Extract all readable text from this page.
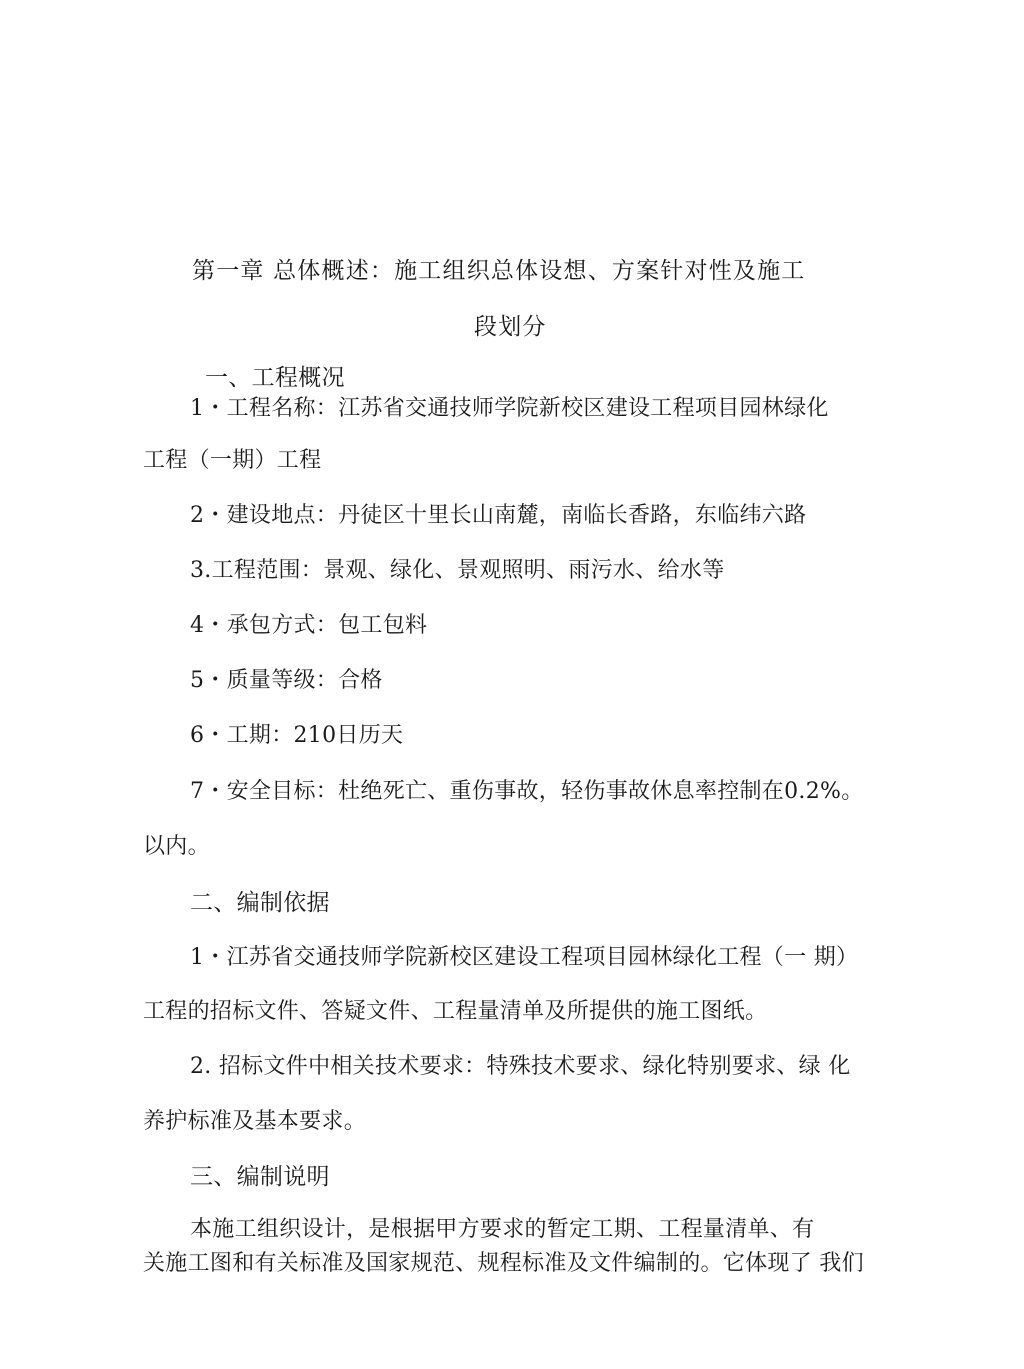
第一章 总体概述：施工组织总体设想、方案针对性及施工
段划分
一、工程概况
1・工程名称：江苏省交通技师学院新校区建设工程项目园林绿化
工程（一期）工程
2・建设地点：丹徒区十里长山南麓，南临长香路，东临纬六路
3.工程范围：景观、绿化、景观照明、雨污水、给水等
4・承包方式：包工包料
5・质量等级：合格
6・工期：210日历天
7・安全目标：杜绝死亡、重伤事故，轻伤事故休息率控制在0.2%。
以内。
二、编制依据
1・江苏省交通技师学院新校区建设工程项目园林绿化工程（一 期）
工程的招标文件、答疑文件、工程量清单及所提供的施工图纸。
2. 招标文件中相关技术要求：特殊技术要求、绿化特别要求、绿 化
养护标准及基本要求。
三、编制说明
本施工组织设计，是根据甲方要求的暂定工期、工程量清单、有
关施工图和有关标准及国家规范、规程标准及文件编制的。它体现了 我们
